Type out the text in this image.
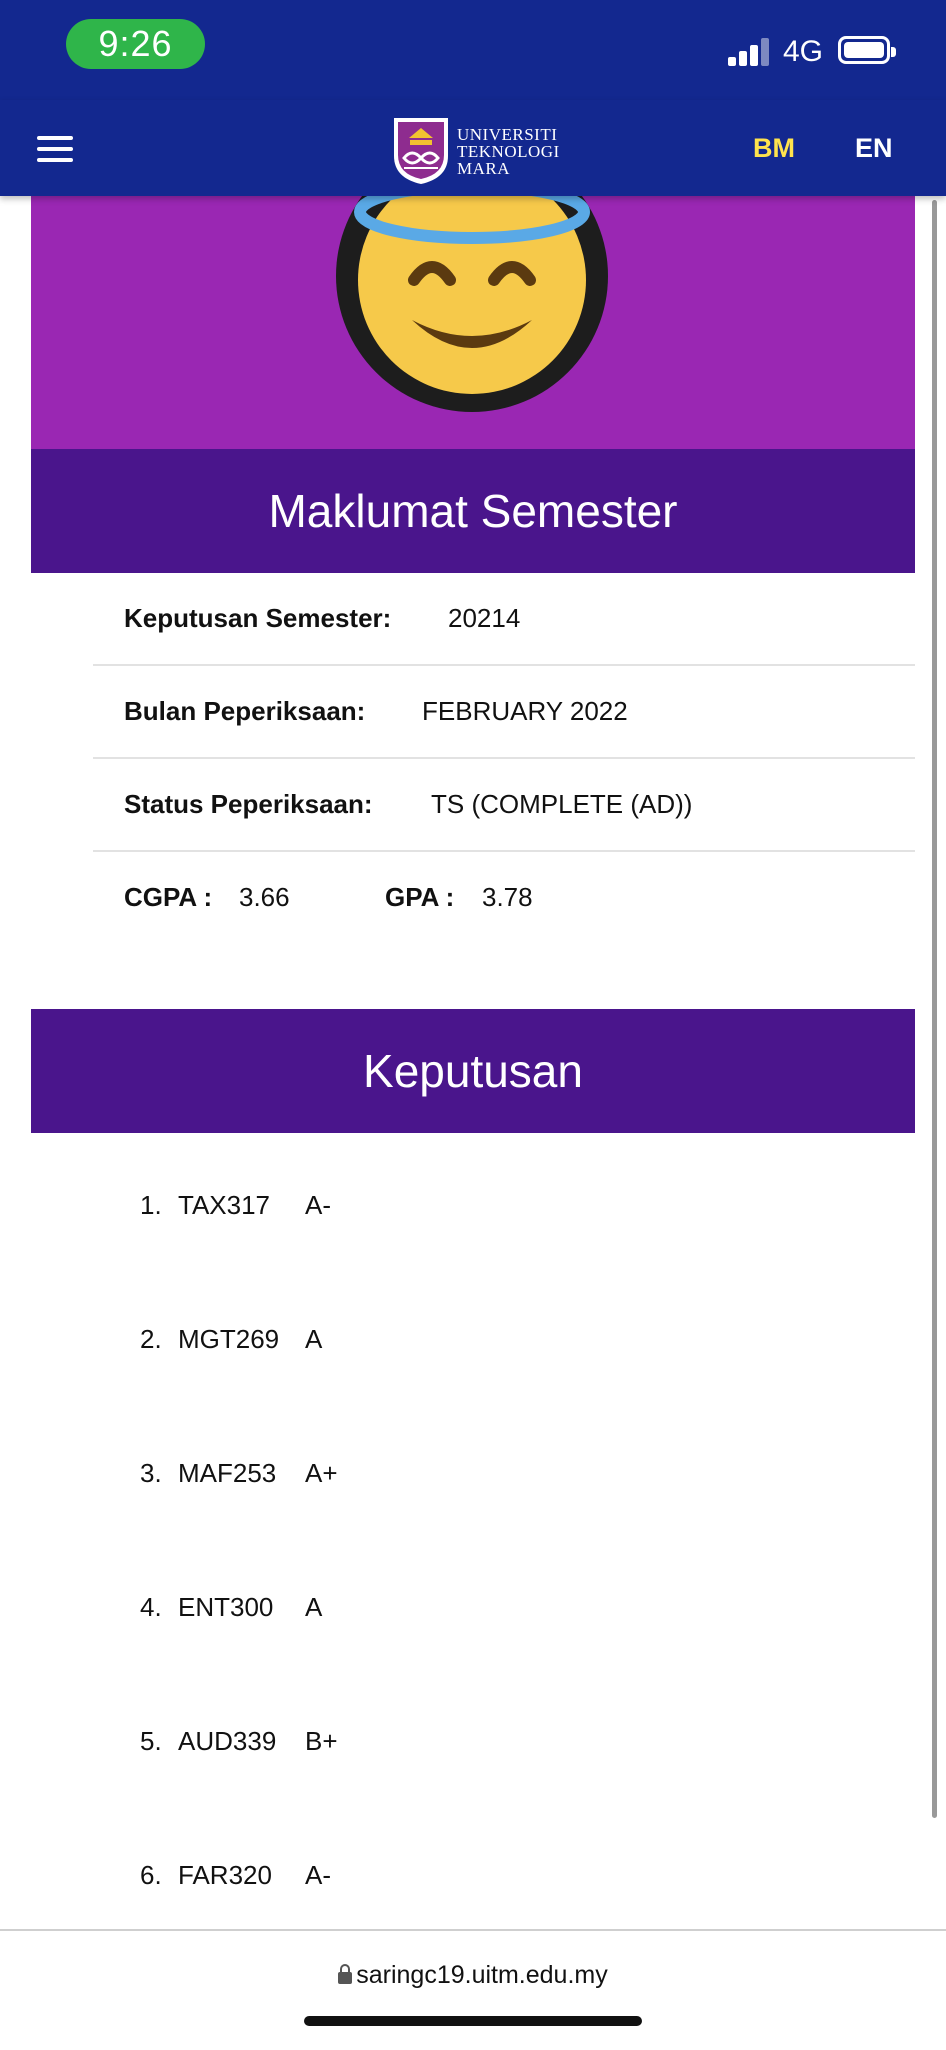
9:26	4G
UNIVERSITI
TEKNOLOGI
MARA
BM EN
Maklumat Semester
Keputusan Semester: 20214
Bulan Peperiksaan: FEBRUARY 2022
Status Peperiksaan: TS (COMPLETE (AD))
CGPA : 3.66	GPA : 3.78
Keputusan
1. TAX317 A-
2. MGT269 A
3. MAF253 A+
4. ENT300 A
5. AUD339 B+
6. FAR320 A-
saringc19.uitm.edu.my
